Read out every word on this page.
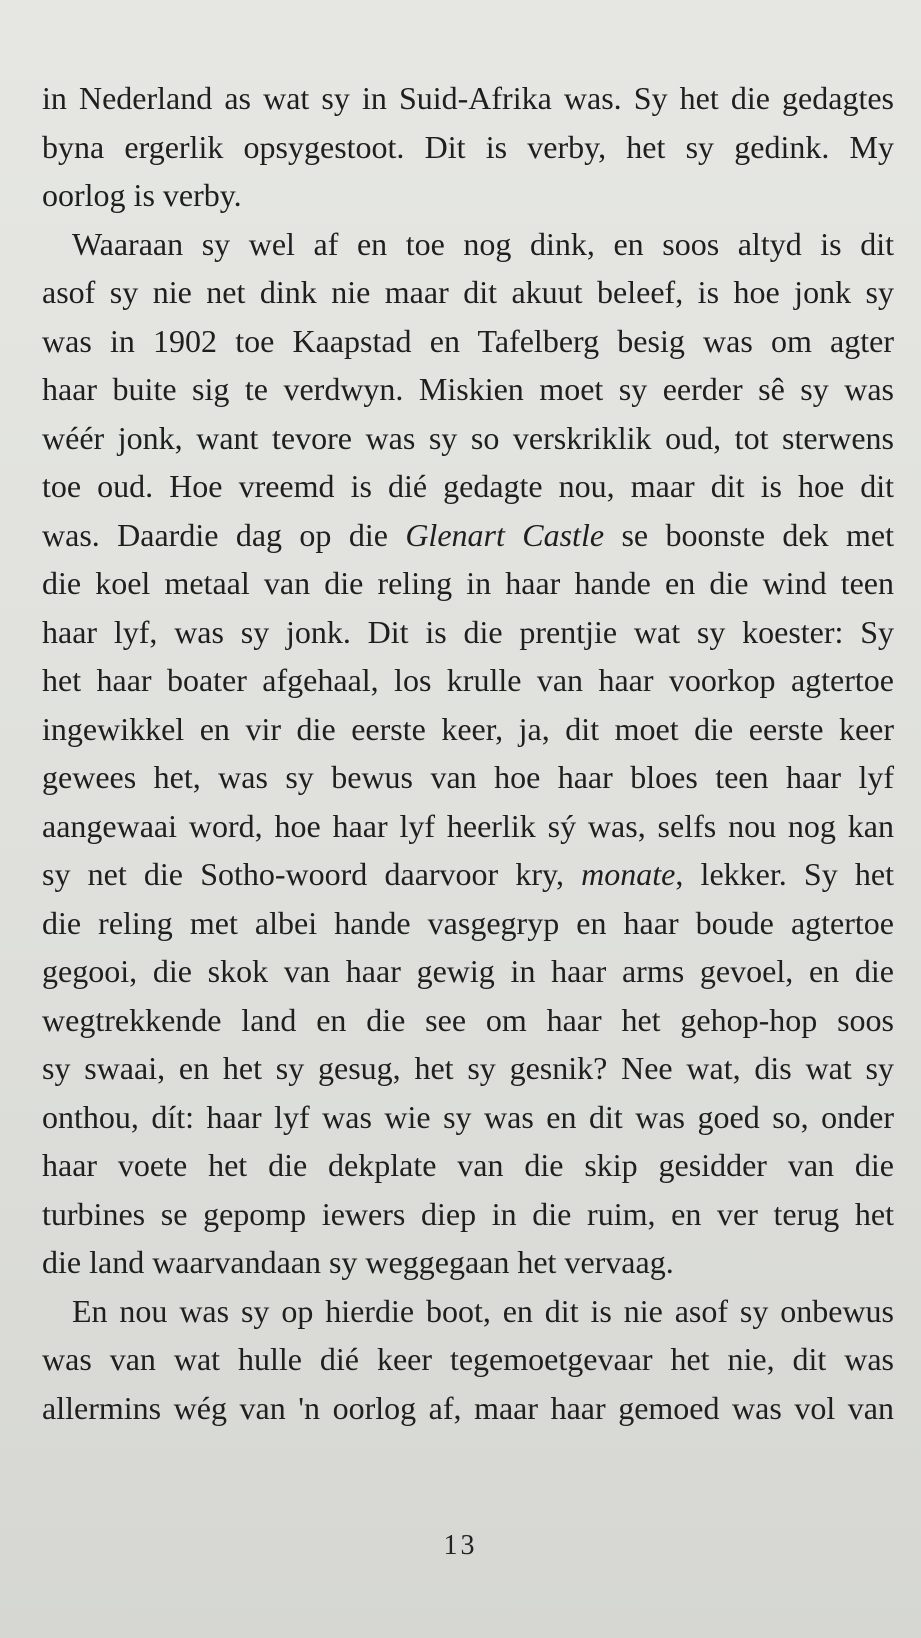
in Nederland as wat sy in Suid-Afrika was. Sy het die gedagtes
byna ergerlik opsygestoot. Dit is verby, het sy gedink. My
oorlog is verby.
Waaraan sy wel af en toe nog dink, en soos altyd is dit
asof sy nie net dink nie maar dit akuut beleef, is hoe jonk sy
was in 1902 toe Kaapstad en Tafelberg besig was om agter
haar buite sig te verdwyn. Miskien moet sy eerder sê sy was
wéér jonk, want tevore was sy so verskriklik oud, tot sterwens
toe oud. Hoe vreemd is dié gedagte nou, maar dit is hoe dit
was. Daardie dag op die Glenart Castle se boonste dek met
die koel metaal van die reling in haar hande en die wind teen
haar lyf, was sy jonk. Dit is die prentjie wat sy koester: Sy
het haar boater afgehaal, los krulle van haar voorkop agtertoe
ingewikkel en vir die eerste keer, ja, dit moet die eerste keer
gewees het, was sy bewus van hoe haar bloes teen haar lyf
aangewaai word, hoe haar lyf heerlik sý was, selfs nou nog kan
sy net die Sotho-woord daarvoor kry, monate, lekker. Sy het
die reling met albei hande vasgegryp en haar boude agtertoe
gegooi, die skok van haar gewig in haar arms gevoel, en die
wegtrekkende land en die see om haar het gehop-hop soos
sy swaai, en het sy gesug, het sy gesnik? Nee wat, dis wat sy
onthou, dít: haar lyf was wie sy was en dit was goed so, onder
haar voete het die dekplate van die skip gesidder van die
turbines se gepomp iewers diep in die ruim, en ver terug het
die land waarvandaan sy weggegaan het vervaag.
En nou was sy op hierdie boot, en dit is nie asof sy onbewus
was van wat hulle dié keer tegemoetgevaar het nie, dit was
allermins wég van 'n oorlog af, maar haar gemoed was vol van
13
